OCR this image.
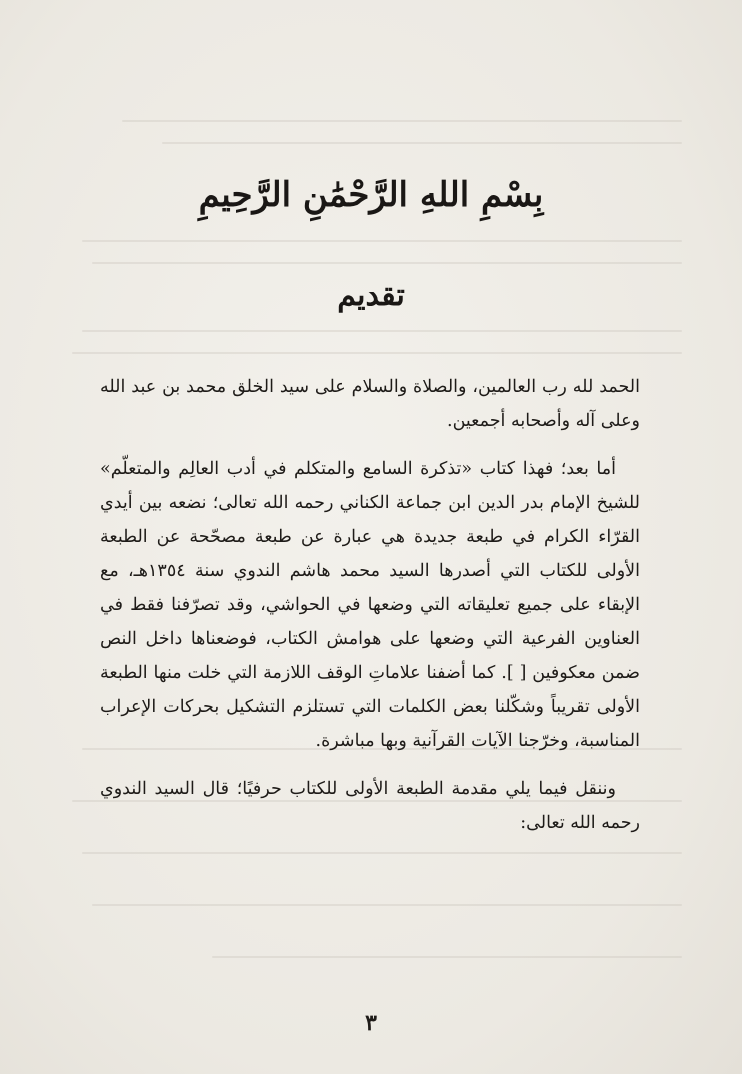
بِسْمِ اللهِ الرَّحْمَٰنِ الرَّحِيمِ
تقديم

الحمد لله رب العالمين، والصلاة والسلام على سيد الخلق محمد بن عبد الله وعلى آله وأصحابه أجمعين.

أما بعد؛ فهذا كتاب «تذكرة السامع والمتكلم في أدب العالِم والمتعلّم» للشيخ الإمام بدر الدين ابن جماعة الكناني رحمه الله تعالى؛ نضعه بين أيدي القرّاء الكرام في طبعة جديدة هي عبارة عن طبعة مصحّحة عن الطبعة الأولى للكتاب التي أصدرها السيد محمد هاشم الندوي سنة ١٣٥٤هـ، مع الإبقاء على جميع تعليقاته التي وضعها في الحواشي، وقد تصرّفنا فقط في العناوين الفرعية التي وضعها على هوامش الكتاب، فوضعناها داخل النص ضمن معكوفين [ ]. كما أضفنا علاماتِ الوقف اللازمة التي خلت منها الطبعة الأولى تقريباً وشكّلنا بعض الكلمات التي تستلزم التشكيل بحركات الإعراب المناسبة، وخرّجنا الآيات القرآنية وبها مباشرة.

وننقل فيما يلي مقدمة الطبعة الأولى للكتاب حرفيًا؛ قال السيد الندوي رحمه الله تعالى:

٣
